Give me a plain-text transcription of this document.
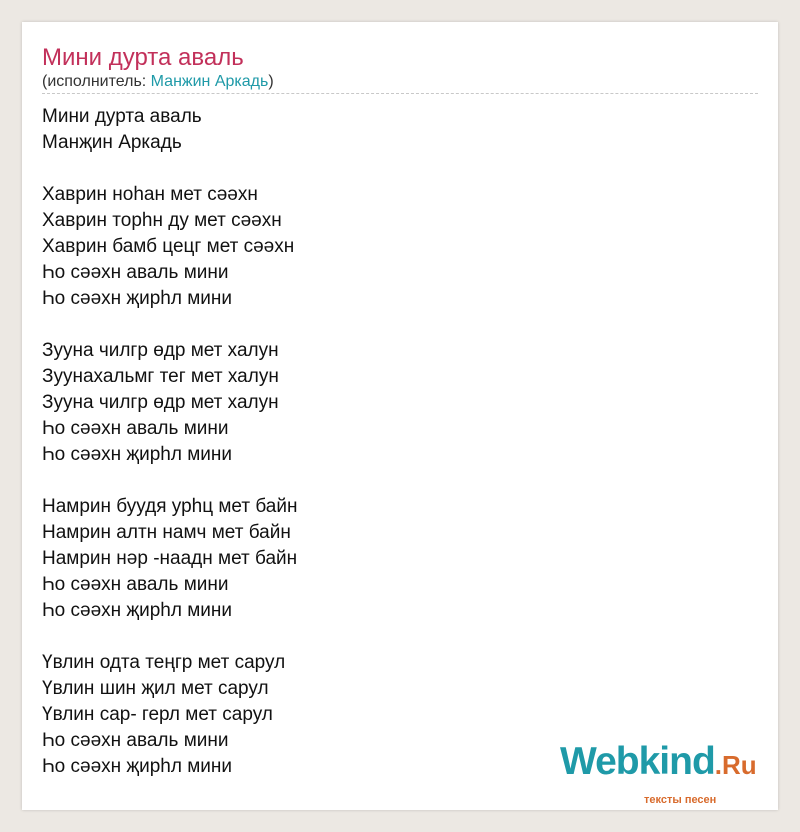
Мини дурта аваль
(исполнитель: Манжин Аркадь)
Мини дурта аваль
Манҗин Аркадь
Хаврин ноһан мет сәәхн
Хаврин торһн ду мет сәәхн
Хаврин бамб цецг мет сәәхн
Һо сәәхн аваль мини
Һо сәәхн җирһл мини
Зууна чилгр өдр мет халун
Зуунахальмг тег мет халун
Зууна чилгр өдр мет халун
Һо сәәхн аваль мини
Һо сәәхн җирһл мини
Намрин буудя урһц мет байн
Намрин алтн намч мет байн
Намрин нәр -наадн мет байн
Һо сәәхн аваль мини
Һо сәәхн җирһл мини
Үвлин одта теңгр мет сарул
Үвлин шин җил мет сарул
Үвлин сар- герл мет сарул
Һо сәәхн аваль мини
Һо сәәхн җирһл мини	Webkind.Ru
тексты песен
